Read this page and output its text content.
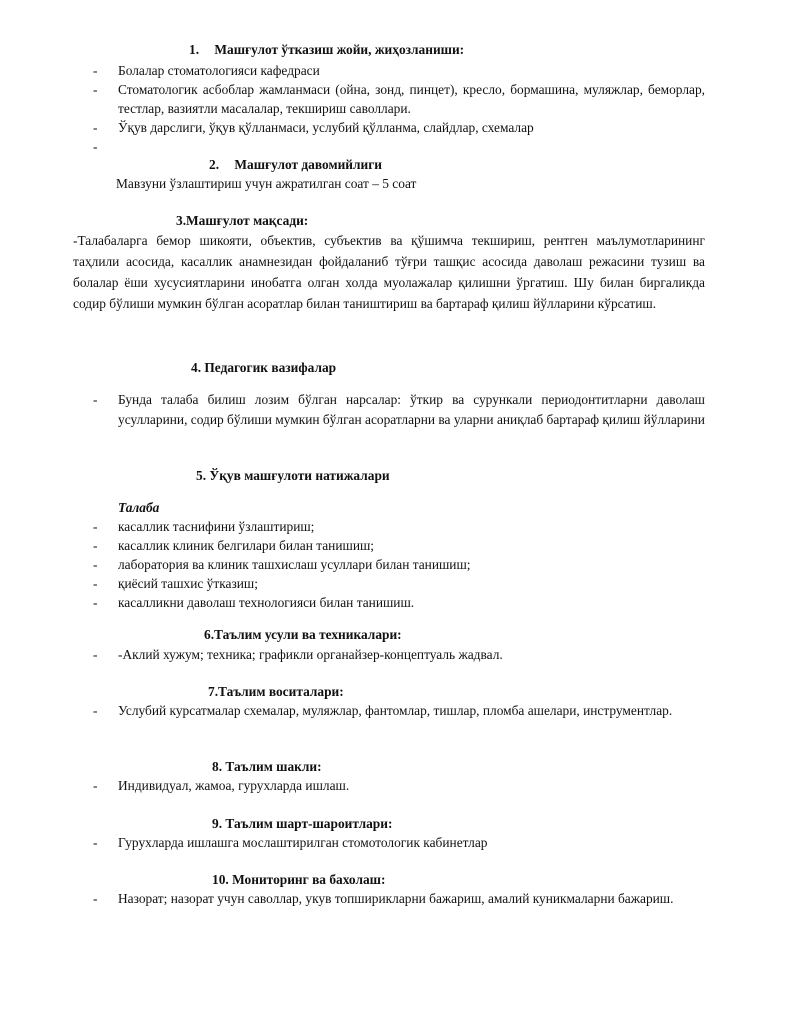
1. Машғулот ўтказиш жойи, жиҳозланиши:
-	Болалар стоматологияси кафедраси
-	Стоматологик асбоблар жамланмаси (ойна, зонд, пинцет), кресло, бормашина, муляжлар, беморлар, тестлар, вазиятли масалалар, текшириш саволлари.
-	Ўқув дарслиги, ўқув қўлланмаси, услубий қўлланма, слайдлар, схемалар
-
2. Машғулот давомийлиги
Мавзуни ўзлаштириш учун ажратилган соат – 5 соат
3.Машғулот мақсади:
-Талабаларга бемор шикояти, объектив, субъектив ва қўшимча текшириш, рентген маълумотларининг таҳлили асосида, касаллик анамнезидан фойдаланиб тўғри ташқис асосида даволаш режасини тузиш ва болалар ёши хусусиятларини инобатга олган холда муолажалар қилишни ўргатиш. Шу билан биргаликда содир бўлиши мумкин бўлган асоратлар билан таништириш ва бартараф қилиш йўлларини кўрсатиш.
4. Педагогик вазифалар
-	Бунда талаба билиш лозим бўлган нарсалар: ўткир ва сурункали периодонтитларни даволаш усулларини, содир бўлиши мумкин бўлган асоратларни ва уларни аниқлаб бартараф қилиш йўлларини
5. Ўқув машғулоти натижалари
Талаба
-	касаллик таснифини ўзлаштириш;
-	касаллик клиник белгилари билан танишиш;
-	лаборатория ва клиник ташхислаш усуллари билан танишиш;
-	қиёсий ташхис ўтказиш;
-	касалликни даволаш технологияси билан танишиш.
6.Таълим усули ва техникалари:
-	-Аклий хужум; техника; графикли органайзер-концептуаль жадвал.
7.Таълим воситалари:
-	Услубий курсатмалар схемалар, муляжлар, фантомлар, тишлар, пломба ашелари, инструментлар.
8. Таълим шакли:
-	Индивидуал, жамоа, гурухларда ишлаш.
9. Таълим шарт-шароитлари:
-	Гурухларда ишлашга мослаштирилган стомотологик кабинетлар
10. Мониторинг ва бахолаш:
-	Назорат; назорат учун саволлар, укув топширикларни бажариш, амалий куникмаларни бажариш.
